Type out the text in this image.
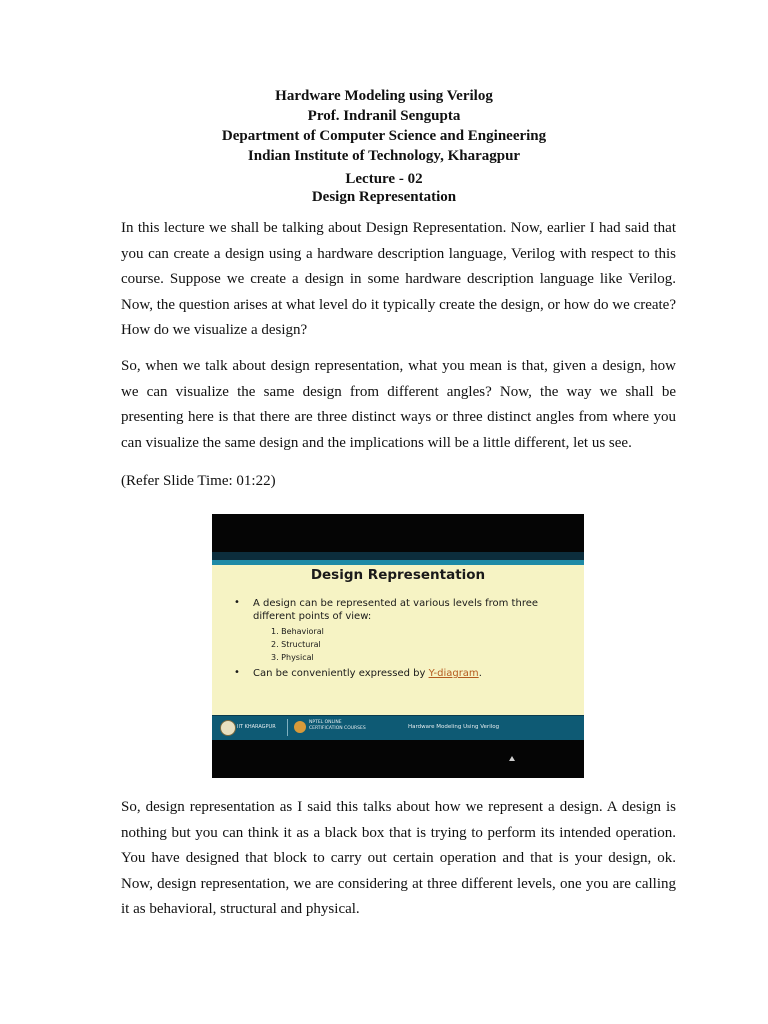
Hardware Modeling using Verilog
Prof. Indranil Sengupta
Department of Computer Science and Engineering
Indian Institute of Technology, Kharagpur
Lecture - 02
Design Representation

In this lecture we shall be talking about Design Representation. Now, earlier I had said that you can create a design using a hardware description language, Verilog with respect to this course. Suppose we create a design in some hardware description language like Verilog. Now, the question arises at what level do it typically create the design, or how do we create? How do we visualize a design?

So, when we talk about design representation, what you mean is that, given a design, how we can visualize the same design from different angles? Now, the way we shall be presenting here is that there are three distinct ways or three distinct angles from where you can visualize the same design and the implications will be a little different, let us see.

(Refer Slide Time: 01:22)

Design Representation
• A design can be represented at various levels from three different points of view:
1. Behavioral
2. Structural
3. Physical
• Can be conveniently expressed by Y-diagram.
IIT KHARAGPUR
NPTEL ONLINE
CERTIFICATION COURSES	Hardware Modeling Using Verilog

So, design representation as I said this talks about how we represent a design. A design is nothing but you can think it as a black box that is trying to perform its intended operation. You have designed that block to carry out certain operation and that is your design, ok. Now, design representation, we are considering at three different levels, one you are calling it as behavioral, structural and physical.
